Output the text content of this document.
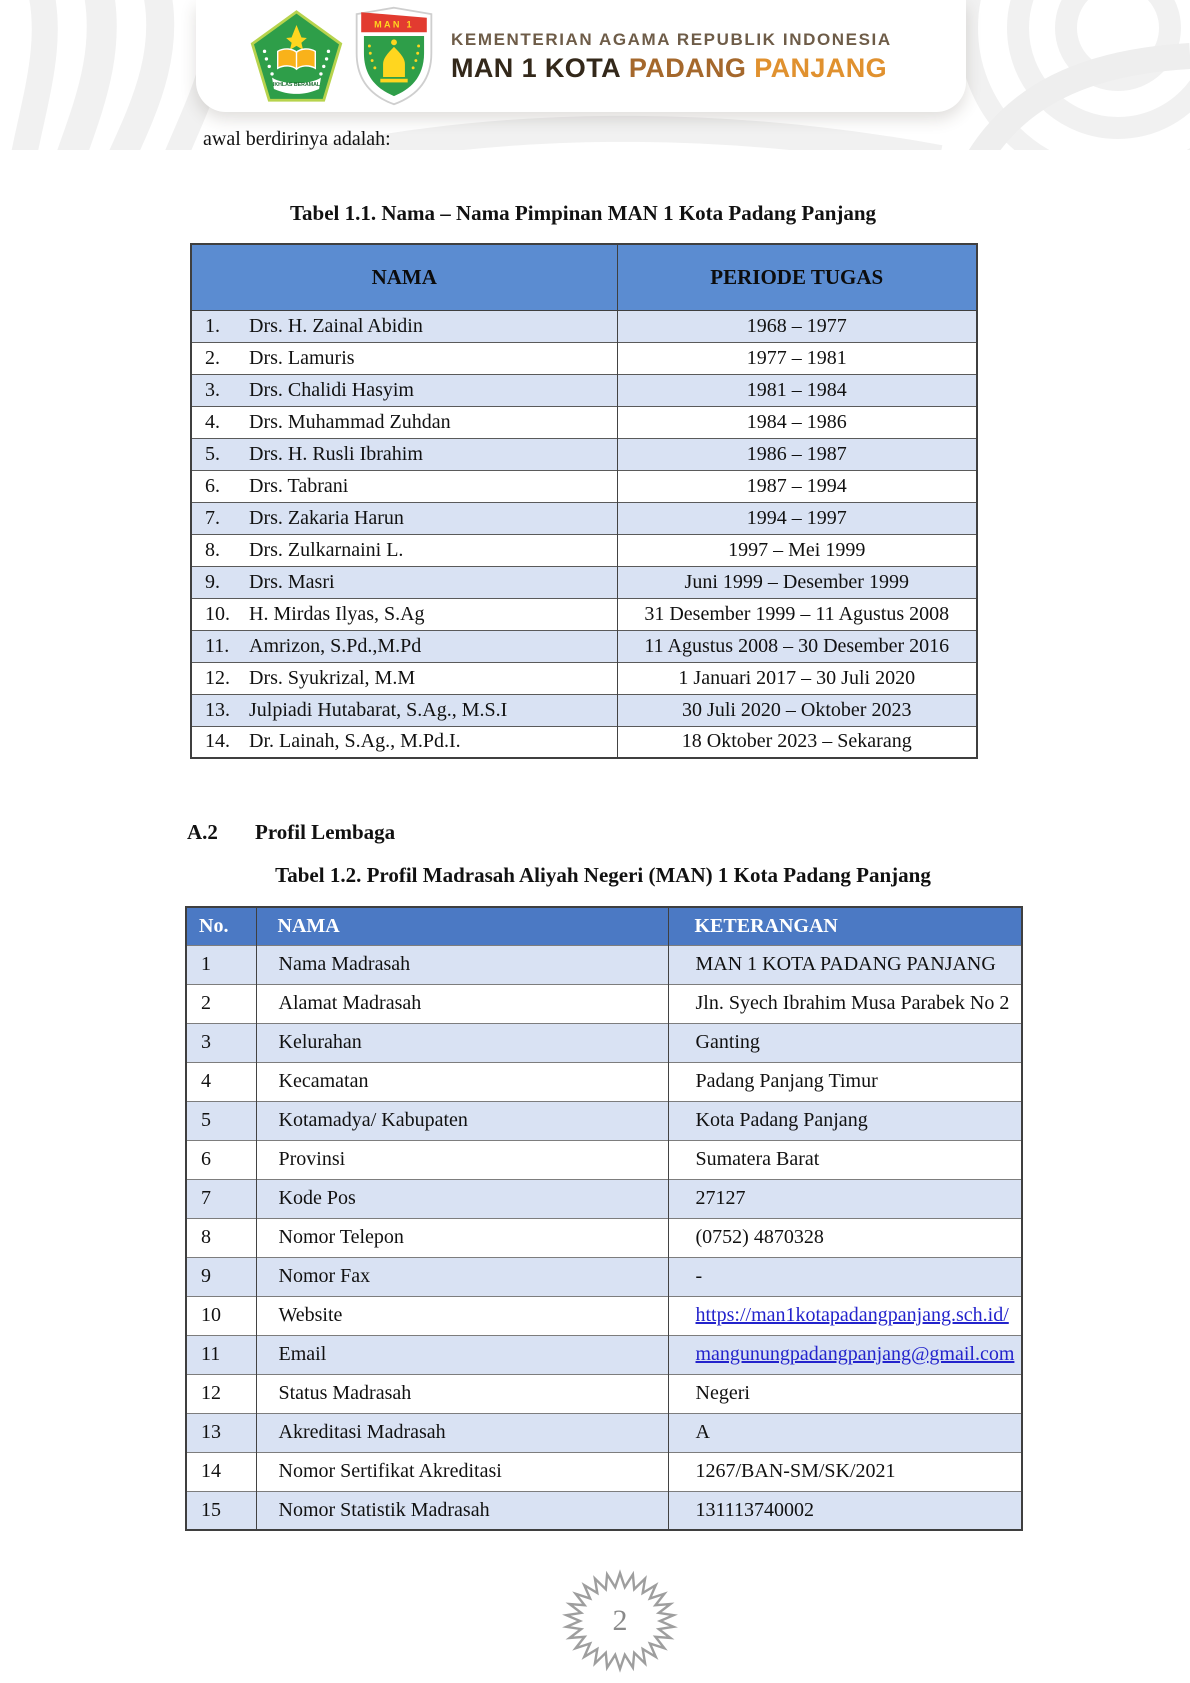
IKHLAS BERAMAL
MAN 1
KEMENTERIAN AGAMA REPUBLIK INDONESIA
MAN 1 KOTA PADANG PANJANG
awal berdirinya adalah:
Tabel 1.1. Nama – Nama Pimpinan MAN 1 Kota Padang Panjang
NAMA	PERIODE TUGAS
1. Drs. H. Zainal Abidin	1968 – 1977
2. Drs. Lamuris	1977 – 1981
3. Drs. Chalidi Hasyim	1981 – 1984
4. Drs. Muhammad Zuhdan	1984 – 1986
5. Drs. H. Rusli Ibrahim	1986 – 1987
6. Drs. Tabrani	1987 – 1994
7. Drs. Zakaria Harun	1994 – 1997
8. Drs. Zulkarnaini L.	1997 – Mei 1999
9. Drs. Masri	Juni 1999 – Desember 1999
10. H. Mirdas Ilyas, S.Ag	31 Desember 1999 – 11 Agustus 2008
11. Amrizon, S.Pd.,M.Pd	11 Agustus 2008 – 30 Desember 2016
12. Drs. Syukrizal, M.M	1 Januari 2017 – 30 Juli 2020
13. Julpiadi Hutabarat, S.Ag., M.S.I	30 Juli 2020 – Oktober 2023
14. Dr. Lainah, S.Ag., M.Pd.I.	18 Oktober 2023 – Sekarang
A.2 Profil Lembaga
Tabel 1.2. Profil Madrasah Aliyah Negeri (MAN) 1 Kota Padang Panjang
No.	NAMA	KETERANGAN
1	Nama Madrasah	MAN 1 KOTA PADANG PANJANG
2	Alamat Madrasah	Jln. Syech Ibrahim Musa Parabek No 2
3	Kelurahan	Ganting
4	Kecamatan	Padang Panjang Timur
5	Kotamadya/ Kabupaten	Kota Padang Panjang
6	Provinsi	Sumatera Barat
7	Kode Pos	27127
8	Nomor Telepon	(0752) 4870328
9	Nomor Fax	-
10	Website	https://man1kotapadangpanjang.sch.id/
11	Email	mangunungpadangpanjang@gmail.com
12	Status Madrasah	Negeri
13	Akreditasi Madrasah	A
14	Nomor Sertifikat Akreditasi	1267/BAN-SM/SK/2021
15	Nomor Statistik Madrasah	131113740002
2
